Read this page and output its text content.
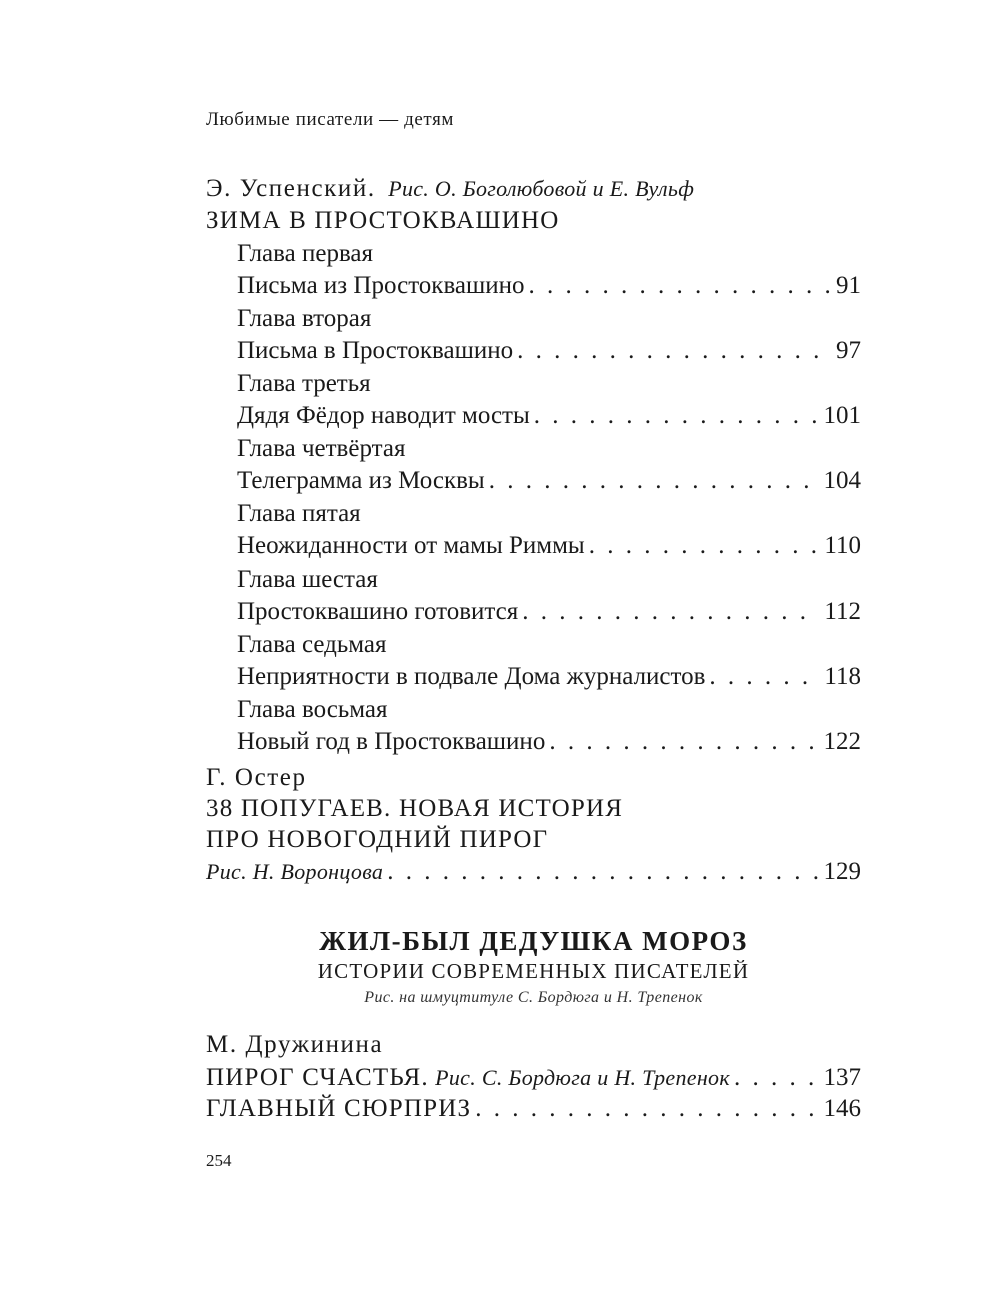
Любимые писатели — детям
Э. Успенский. Рис. О. Боголюбовой и Е. Вульф
ЗИМА В ПРОСТОКВАШИНО
Глава первая
Письма из Простоквашино . . .	91
Глава вторая
Письма в Простоквашино . . .	97
Глава третья
Дядя Фёдор наводит мосты . . .	101
Глава четвёртая
Телеграмма из Москвы . . .	104
Глава пятая
Неожиданности от мамы Риммы . . .	110
Глава шестая
Простоквашино готовится . . .	112
Глава седьмая
Неприятности в подвале Дома журналистов . . .	118
Глава восьмая
Новый год в Простоквашино . . .	122
Г. Остер
38 ПОПУГАЕВ. НОВАЯ ИСТОРИЯ
ПРО НОВОГОДНИЙ ПИРОГ
Рис. Н. Воронцова . . .	129
ЖИЛ-БЫЛ ДЕДУШКА МОРОЗ
ИСТОРИИ СОВРЕМЕННЫХ ПИСАТЕЛЕЙ
Рис. на шмуцтитуле С. Бордюга и Н. Трепенок
М. Дружинина
ПИРОГ СЧАСТЬЯ.
Рис. С. Бордюга и Н. Трепенок . . .	137
ГЛАВНЫЙ СЮРПРИЗ . . .	146
254
